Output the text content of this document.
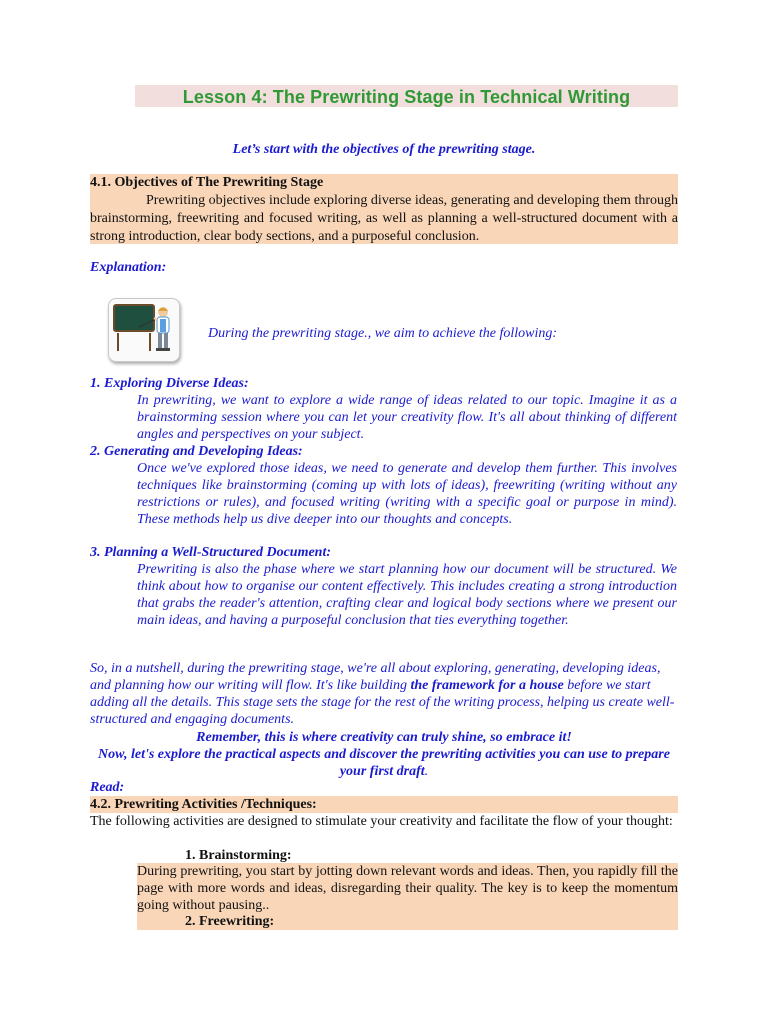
Lesson 4: The Prewriting Stage in Technical Writing
Let’s start with the objectives of the prewriting stage.
4.1. Objectives of The Prewriting Stage

Prewriting objectives include exploring diverse ideas, generating and developing them through brainstorming, freewriting and focused writing, as well as planning a well-structured document with a strong introduction, clear body sections, and a purposeful conclusion.

Explanation:
During the prewriting stage., we aim to achieve the following:
1. Exploring Diverse Ideas:
In prewriting, we want to explore a wide range of ideas related to our topic. Imagine it as a brainstorming session where you can let your creativity flow. It's all about thinking of different angles and perspectives on your subject.
2. Generating and Developing Ideas:
Once we've explored those ideas, we need to generate and develop them further. This involves techniques like brainstorming (coming up with lots of ideas), freewriting (writing without any restrictions or rules), and focused writing (writing with a specific goal or purpose in mind). These methods help us dive deeper into our thoughts and concepts.
3. Planning a Well-Structured Document:
Prewriting is also the phase where we start planning how our document will be structured. We think about how to organise our content effectively. This includes creating a strong introduction that grabs the reader's attention, crafting clear and logical body sections where we present our main ideas, and having a purposeful conclusion that ties everything together.
So, in a nutshell, during the prewriting stage, we're all about exploring, generating, developing ideas, and planning how our writing will flow. It's like building the framework for a house before we start adding all the details. This stage sets the stage for the rest of the writing process, helping us create well-structured and engaging documents.
Remember, this is where creativity can truly shine, so embrace it!
Now, let's explore the practical aspects and discover the prewriting activities you can use to prepare your first draft.
Read:
4.2. Prewriting Activities /Techniques:
The following activities are designed to stimulate your creativity and facilitate the flow of your thought:
1. Brainstorming:
During prewriting, you start by jotting down relevant words and ideas. Then, you rapidly fill the page with more words and ideas, disregarding their quality. The key is to keep the momentum going without pausing..
2. Freewriting:
